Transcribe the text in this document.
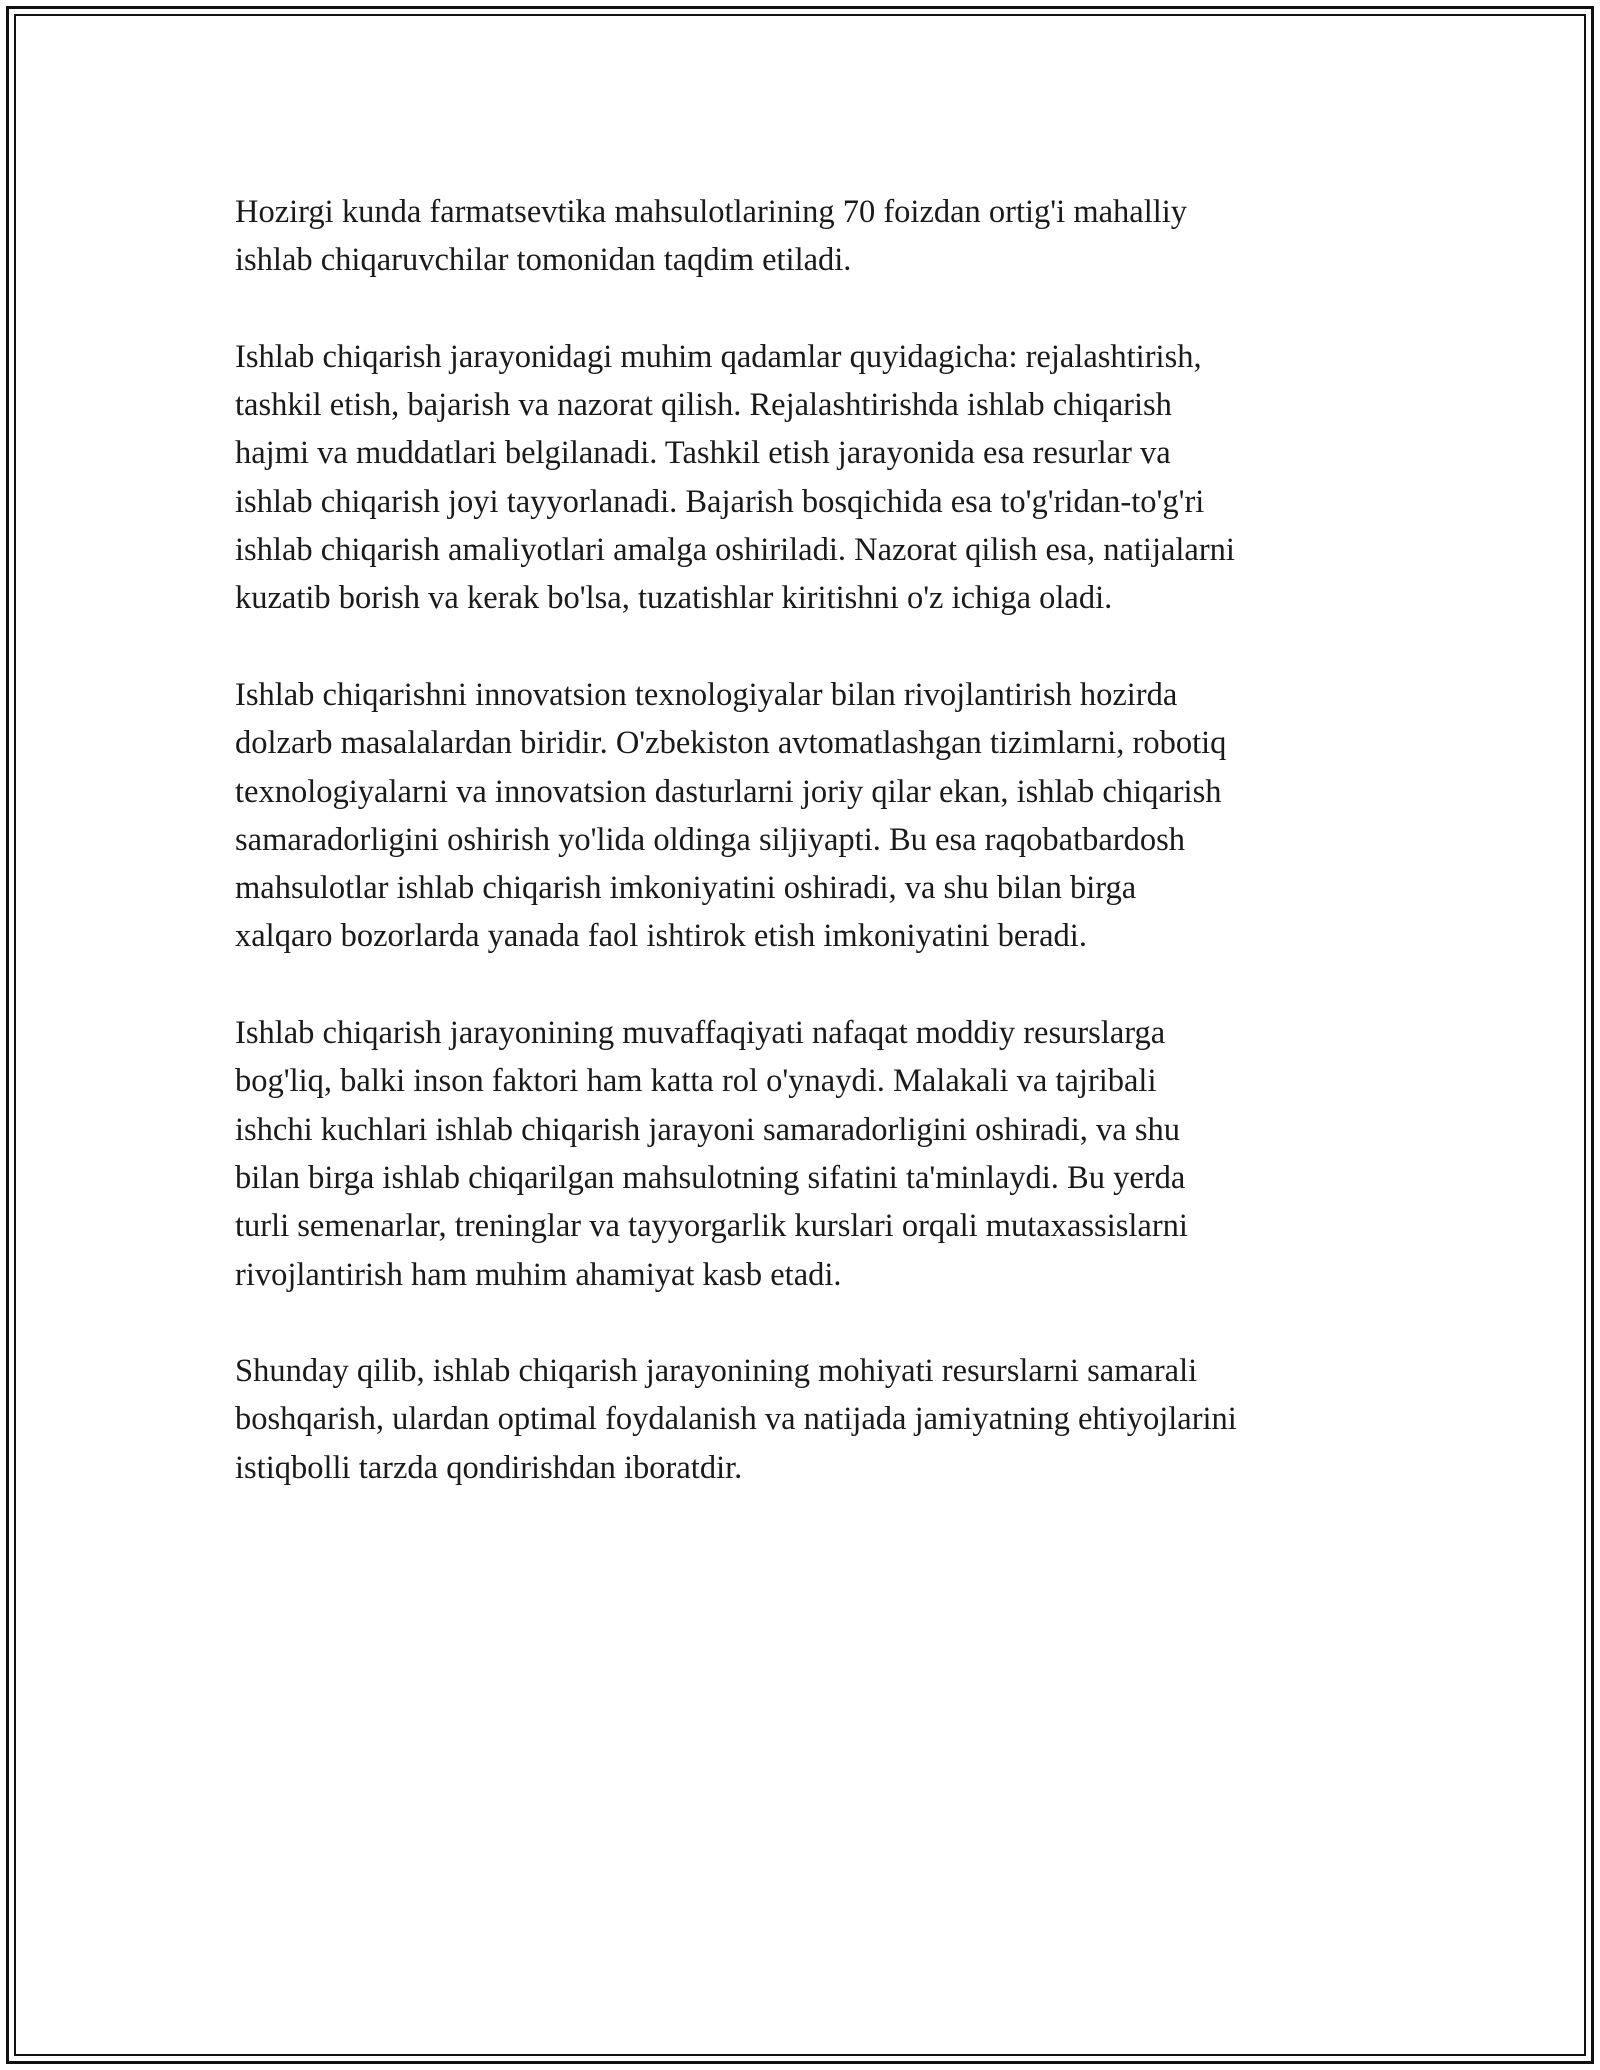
Hozirgi kunda farmatsevtika mahsulotlarining 70 foizdan ortig'i mahalliy
ishlab chiqaruvchilar tomonidan taqdim etiladi.

Ishlab chiqarish jarayonidagi muhim qadamlar quyidagicha: rejalashtirish,
tashkil etish, bajarish va nazorat qilish. Rejalashtirishda ishlab chiqarish
hajmi va muddatlari belgilanadi. Tashkil etish jarayonida esa resurlar va
ishlab chiqarish joyi tayyorlanadi. Bajarish bosqichida esa to'g'ridan-to'g'ri
ishlab chiqarish amaliyotlari amalga oshiriladi. Nazorat qilish esa, natijalarni
kuzatib borish va kerak bo'lsa, tuzatishlar kiritishni o'z ichiga oladi.

Ishlab chiqarishni innovatsion texnologiyalar bilan rivojlantirish hozirda
dolzarb masalalardan biridir. O'zbekiston avtomatlashgan tizimlarni, robotiq
texnologiyalarni va innovatsion dasturlarni joriy qilar ekan, ishlab chiqarish
samaradorligini oshirish yo'lida oldinga siljiyapti. Bu esa raqobatbardosh
mahsulotlar ishlab chiqarish imkoniyatini oshiradi, va shu bilan birga
xalqaro bozorlarda yanada faol ishtirok etish imkoniyatini beradi.

Ishlab chiqarish jarayonining muvaffaqiyati nafaqat moddiy resurslarga
bog'liq, balki inson faktori ham katta rol o'ynaydi. Malakali va tajribali
ishchi kuchlari ishlab chiqarish jarayoni samaradorligini oshiradi, va shu
bilan birga ishlab chiqarilgan mahsulotning sifatini ta'minlaydi. Bu yerda
turli semenarlar, treninglar va tayyorgarlik kurslari orqali mutaxassislarni
rivojlantirish ham muhim ahamiyat kasb etadi.

Shunday qilib, ishlab chiqarish jarayonining mohiyati resurslarni samarali
boshqarish, ulardan optimal foydalanish va natijada jamiyatning ehtiyojlarini
istiqbolli tarzda qondirishdan iboratdir.
